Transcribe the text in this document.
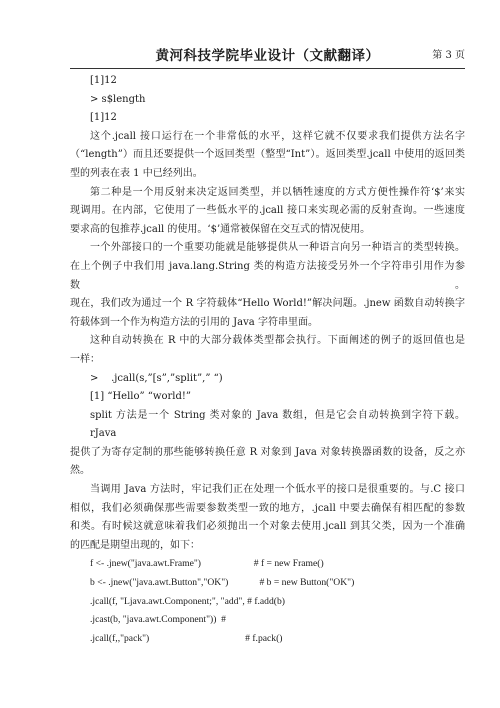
黄河科技学院毕业设计（文献翻译）	第 3 页
[1]12
> s$length
[1]12
这个.jcall 接口运行在一个非常低的水平，这样它就不仅要求我们提供方法名字
（“length”）而且还要提供一个返回类型（整型“Int”）。返回类型.jcall 中使用的返回类
型的列表在表 1 中已经列出。
第二种是一个用反射来决定返回类型，并以牺牲速度的方式方便性操作符‘$’来实
现调用。在内部，它使用了一些低水平的.jcall 接口来实现必需的反射查询。一些速度
要求高的包推荐.jcall 的使用。‘$’通常被保留在交互式的情况使用。
一个外部接口的一个重要功能就是能够提供从一种语言向另一种语言的类型转换。
在上个例子中我们用 java.lang.String 类的构造方法接受另外一个字符串引用作为参数。
现在，我们改为通过一个 R 字符载体“Hello World!”解决问题。.jnew 函数自动转换字
符载体到一个作为构造方法的引用的 Java 字符串里面。
这种自动转换在 R 中的大部分载体类型都会执行。下面阐述的例子的返回值也是
一样：
>    .jcall(s,”[s”,”split”,” “)
[1] “Hello” “world!”
split 方法是一个 String 类对象的 Java 数组，但是它会自动转换到字符下载。rJava
提供了为寄存定制的那些能够转换任意 R 对象到 Java 对象转换器函数的设备，反之亦
然。
当调用 Java 方法时，牢记我们正在处理一个低水平的接口是很重要的。与.C 接口
相似，我们必须确保那些需要参数类型一致的地方，.jcall 中要去确保有相匹配的参数
和类。有时候这就意味着我们必须抛出一个对象去使用.jcall 到其父类，因为一个准确
的匹配是期望出现的，如下：
f <- .jnew("java.awt.Frame")                      # f = new Frame()
b <- .jnew("java.awt.Button","OK")             # b = new Button("OK")
.jcall(f, "Ljava.awt.Component;", "add", # f.add(b)
.jcast(b, "java.awt.Component"))  #
.jcall(f,,"pack")                                        # f.pack()
